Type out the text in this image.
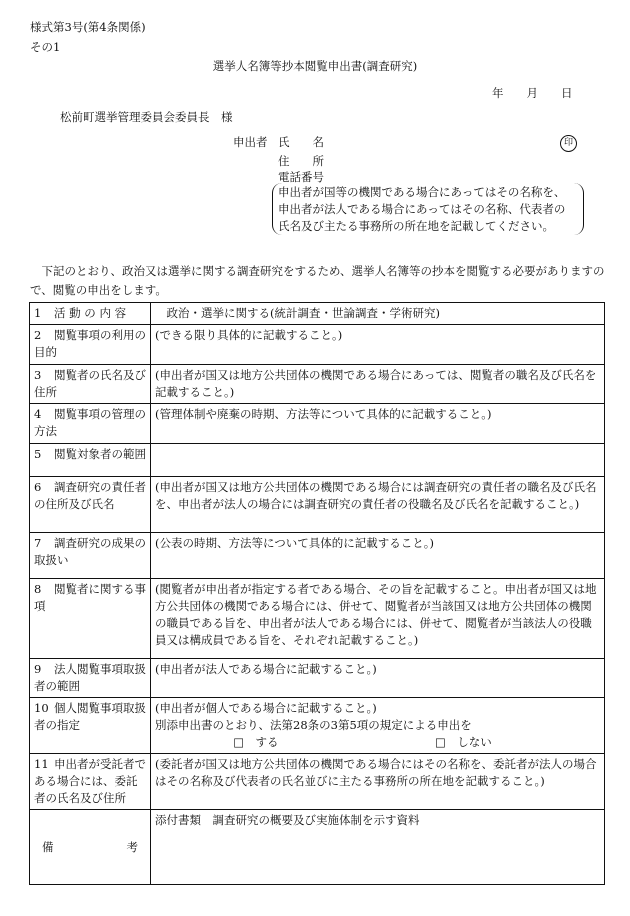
様式第3号(第4条関係)
その1
選挙人名簿等抄本閲覧申出書(調査研究)
年　　月　　日
松前町選挙管理委員会委員長　様
申出者 氏　　名	印
住　　所
電話番号
申出者が国等の機関である場合にあってはその名称を、
申出者が法人である場合にあってはその名称、代表者の
氏名及び主たる事務所の所在地を記載してください。
　下記のとおり、政治又は選挙に関する調査研究をするため、選挙人名簿等の抄本を閲覧する必要がありますので、閲覧の申出をします。
1 活 動 の 内 容	　政治・選挙に関する(統計調査・世論調査・学術研究)
2 閲覧事項の利用の目的	(できる限り具体的に記載すること。)
3 閲覧者の氏名及び住所	(申出者が国又は地方公共団体の機関である場合にあっては、閲覧者の職名及び氏名を記載すること。)
4 閲覧事項の管理の方法	(管理体制や廃棄の時期、方法等について具体的に記載すること。)
5 閲覧対象者の範囲	
6 調査研究の責任者の住所及び氏名	(申出者が国又は地方公共団体の機関である場合には調査研究の責任者の職名及び氏名を、申出者が法人の場合には調査研究の責任者の役職名及び氏名を記載すること。)
7 調査研究の成果の取扱い	(公表の時期、方法等について具体的に記載すること。)
8 閲覧者に関する事項	(閲覧者が申出者が指定する者である場合、その旨を記載すること。申出者が国又は地方公共団体の機関である場合には、併せて、閲覧者が当該国又は地方公共団体の機関の職員である旨を、申出者が法人である場合には、併せて、閲覧者が当該法人の役職員又は構成員である旨を、それぞれ記載すること。)
9 法人閲覧事項取扱者の範囲	(申出者が法人である場合に記載すること。)
10 個人閲覧事項取扱者の指定	(申出者が個人である場合に記載すること。)
別添申出書のとおり、法第28条の3第5項の規定による申出を
□　する □　しない

11 申出者が受託者である場合には、委託者の氏名及び住所	(委託者が国又は地方公共団体の機関である場合にはその名称を、委託者が法人の場合はその名称及び代表者の氏名並びに主たる事務所の所在地を記載すること。)

備 考	添付書類　調査研究の概要及び実施体制を示す資料
